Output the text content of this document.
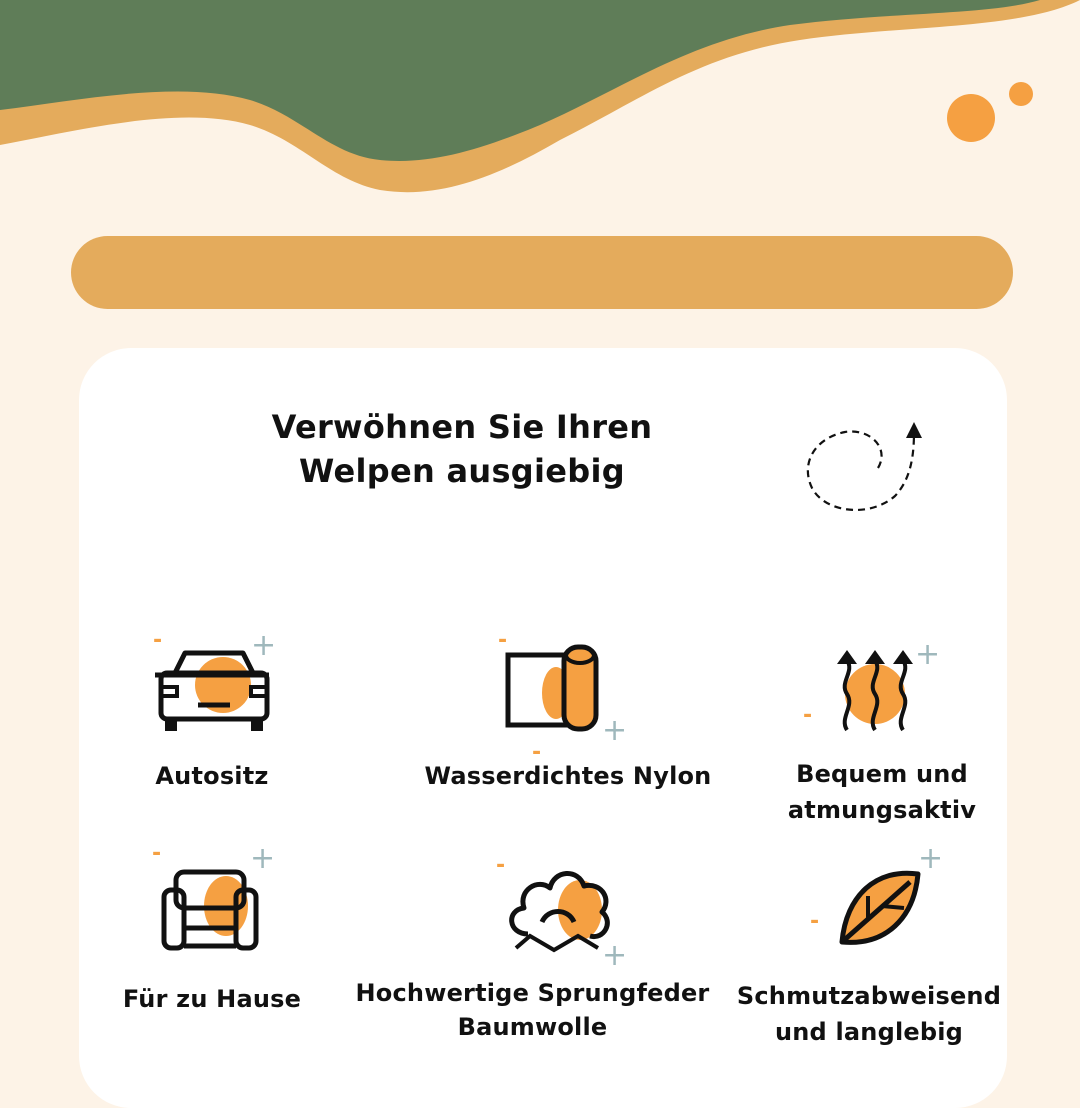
Verwöhnen Sie Ihren Welpen ausgiebig
-	+
Autositz
-
+
-
Wasserdichtes Nylon
-
+
Bequem und atmungsaktiv
-	+
Für zu Hause
-
+
Hochwertige Sprungfeder Baumwolle
-
+
Schmutzabweisend und langlebig
